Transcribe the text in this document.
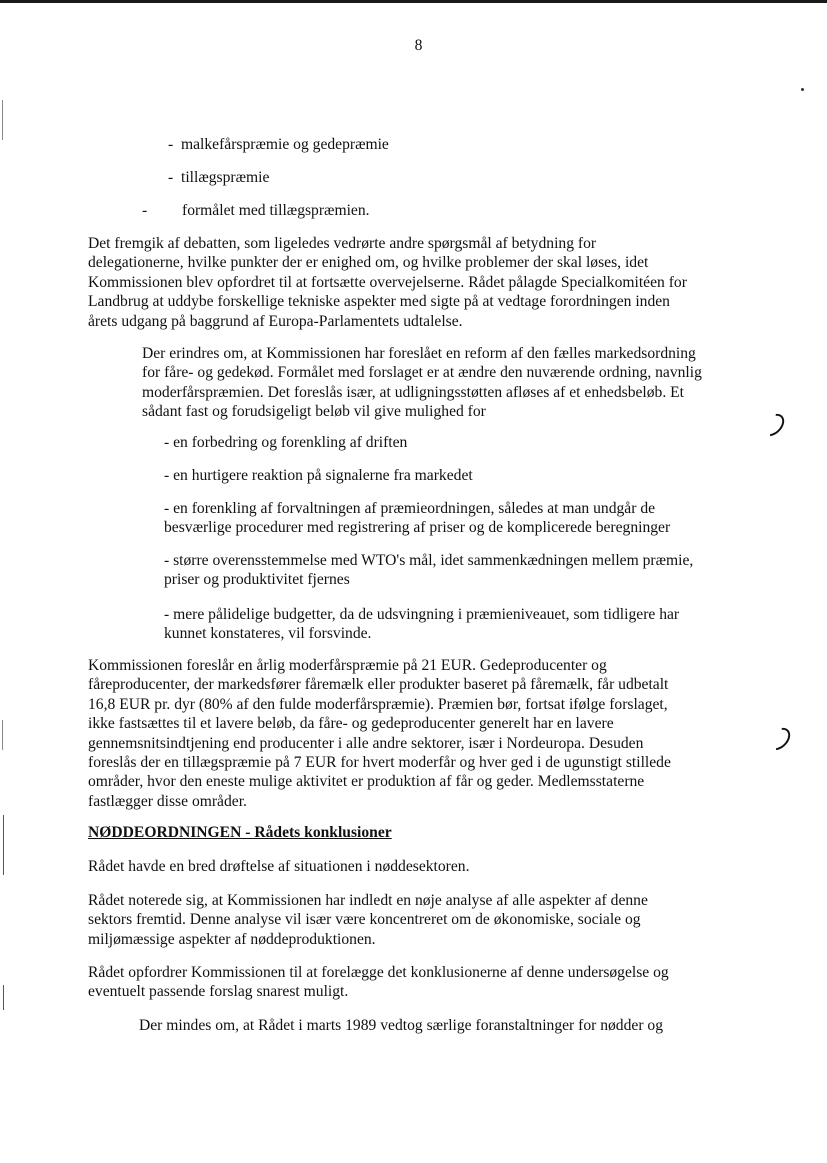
8
- malkefårspræmie og gedepræmie
- tillægspræmie
- formålet med tillægspræmien.
Det fremgik af debatten, som ligeledes vedrørte andre spørgsmål af betydning for
delegationerne, hvilke punkter der er enighed om, og hvilke problemer der skal løses, idet
Kommissionen blev opfordret til at fortsætte overvejelserne. Rådet pålagde Specialkomitéen for
Landbrug at uddybe forskellige tekniske aspekter med sigte på at vedtage forordningen inden
årets udgang på baggrund af Europa-Parlamentets udtalelse.
Der erindres om, at Kommissionen har foreslået en reform af den fælles markedsordning
for fåre- og gedekød. Formålet med forslaget er at ændre den nuværende ordning, navnlig
moderfårspræmien. Det foreslås især, at udligningsstøtten afløses af et enhedsbeløb. Et
sådant fast og forudsigeligt beløb vil give mulighed for
- en forbedring og forenkling af driften
- en hurtigere reaktion på signalerne fra markedet
- en forenkling af forvaltningen af præmieordningen, således at man undgår de
besværlige procedurer med registrering af priser og de komplicerede beregninger
- større overensstemmelse med WTO's mål, idet sammenkædningen mellem præmie,
priser og produktivitet fjernes
- mere pålidelige budgetter, da de udsvingning i præmieniveauet, som tidligere har
kunnet konstateres, vil forsvinde.
Kommissionen foreslår en årlig moderfårspræmie på 21 EUR. Gedeproducenter og
fåreproducenter, der markedsfører fåremælk eller produkter baseret på fåremælk, får udbetalt
16,8 EUR pr. dyr (80% af den fulde moderfårspræmie). Præmien bør, fortsat ifølge forslaget,
ikke fastsættes til et lavere beløb, da fåre- og gedeproducenter generelt har en lavere
gennemsnitsindtjening end producenter i alle andre sektorer, især i Nordeuropa. Desuden
foreslås der en tillægspræmie på 7 EUR for hvert moderfår og hver ged i de ugunstigt stillede
områder, hvor den eneste mulige aktivitet er produktion af får og geder. Medlemsstaterne
fastlægger disse områder.
NØDDEORDNINGEN - Rådets konklusioner
Rådet havde en bred drøftelse af situationen i nøddesektoren.
Rådet noterede sig, at Kommissionen har indledt en nøje analyse af alle aspekter af denne
sektors fremtid. Denne analyse vil især være koncentreret om de økonomiske, sociale og
miljømæssige aspekter af nøddeproduktionen.
Rådet opfordrer Kommissionen til at forelægge det konklusionerne af denne undersøgelse og
eventuelt passende forslag snarest muligt.
Der mindes om, at Rådet i marts 1989 vedtog særlige foranstaltninger for nødder og
